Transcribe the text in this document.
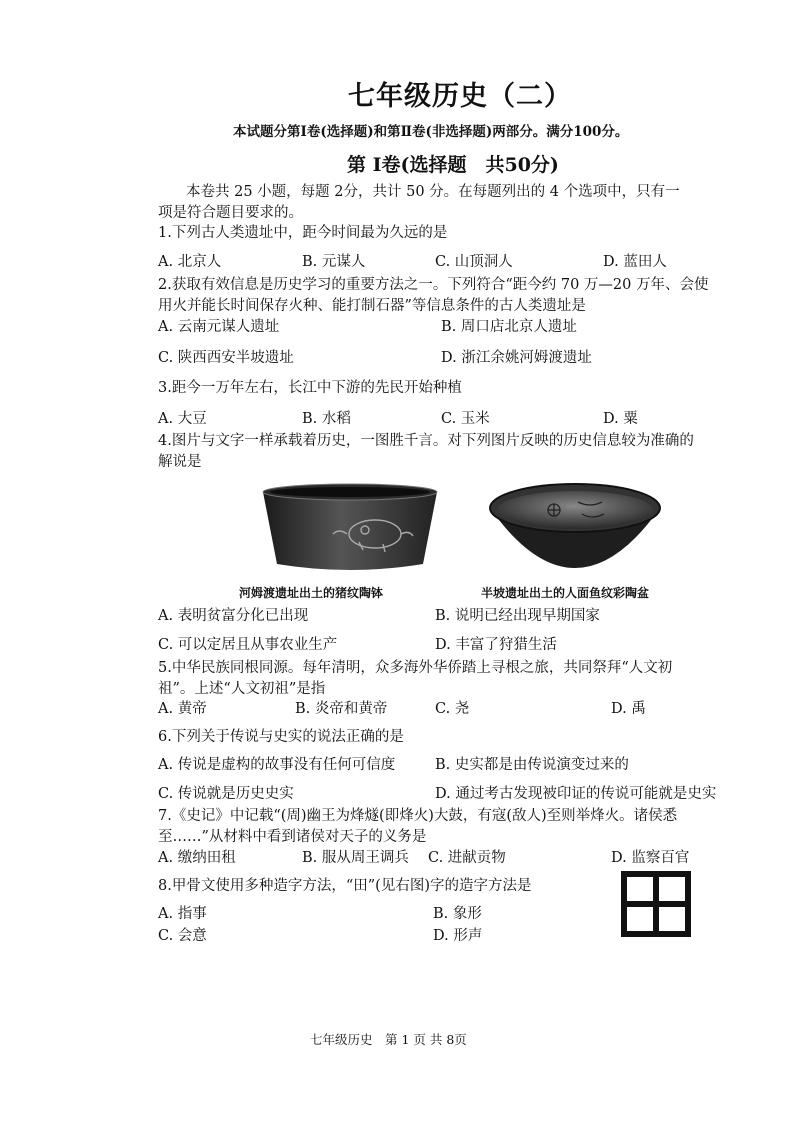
七年级历史（二）
本试题分第Ⅰ卷(选择题)和第Ⅱ卷(非选择题)两部分。满分100分。
第 Ⅰ卷(选择题　共50分)
本卷共 25 小题，每题 2分，共计 50 分。在每题列出的 4 个选项中，只有一
项是符合题目要求的。
1.下列古人类遗址中，距今时间最为久远的是
A. 北京人	B. 元谋人	C. 山顶洞人	D. 蓝田人
2.获取有效信息是历史学习的重要方法之一。下列符合“距今约 70 万—20 万年、会使
用火并能长时间保存火种、能打制石器”等信息条件的古人类遗址是
A. 云南元谋人遗址	B. 周口店北京人遗址
C. 陕西西安半坡遗址	D. 浙江余姚河姆渡遗址
3.距今一万年左右，长江中下游的先民开始种植
A. 大豆	B. 水稻	C. 玉米	D. 粟
4.图片与文字一样承载着历史，一图胜千言。对下列图片反映的历史信息较为准确的
解说是
河姆渡遗址出土的猪纹陶钵	半坡遗址出土的人面鱼纹彩陶盆
A. 表明贫富分化已出现	B. 说明已经出现早期国家
C. 可以定居且从事农业生产	D. 丰富了狩猎生活
5.中华民族同根同源。每年清明，众多海外华侨踏上寻根之旅，共同祭拜“人文初
祖”。上述“人文初祖”是指
A. 黄帝	B. 炎帝和黄帝	C. 尧	D. 禹
6.下列关于传说与史实的说法正确的是
A. 传说是虚构的故事没有任何可信度	B. 史实都是由传说演变过来的
C. 传说就是历史史实	D. 通过考古发现被印证的传说可能就是史实
7.《史记》中记载“(周)幽王为烽燧(即烽火)大鼓，有寇(敌人)至则举烽火。诸侯悉
至……”从材料中看到诸侯对天子的义务是
A. 缴纳田租	B. 服从周王调兵 C. 进献贡物	D. 监察百官
8.甲骨文使用多种造字方法，“田”(见右图)字的造字方法是
A. 指事	B. 象形
C. 会意	D. 形声
七年级历史　第 1 页 共 8页
